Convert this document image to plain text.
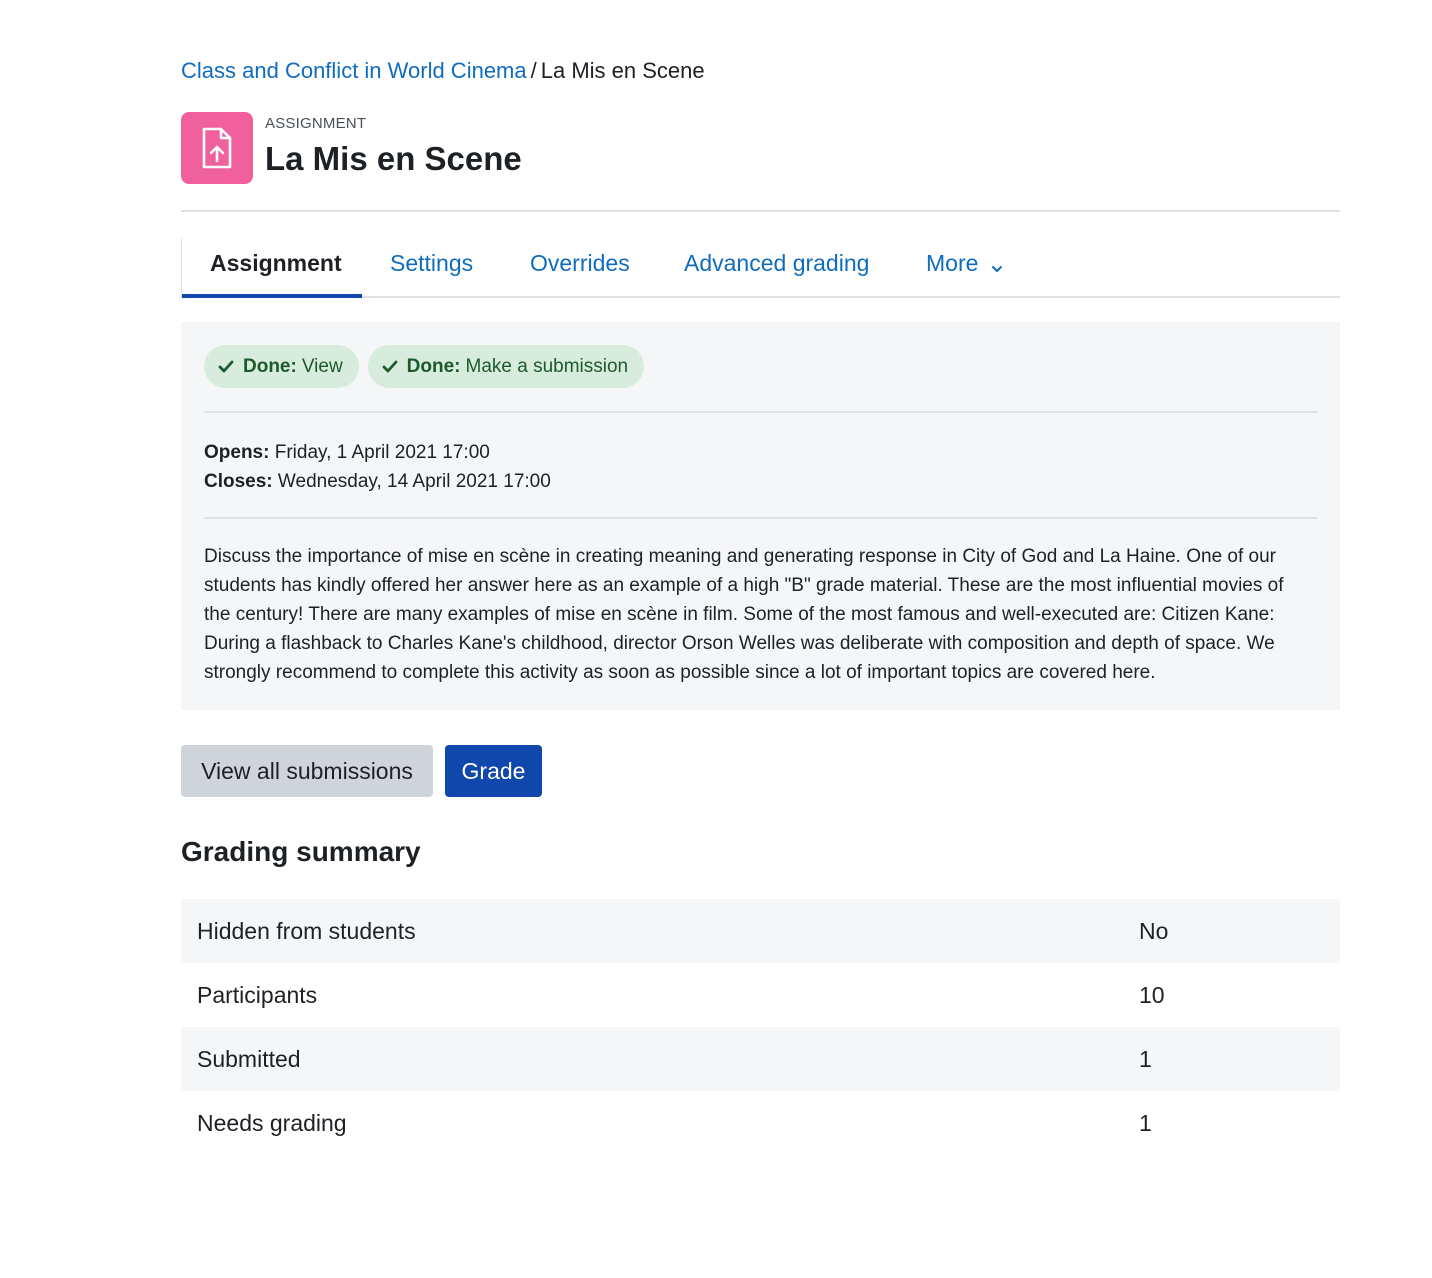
Class and Conflict in World Cinema / La Mis en Scene
ASSIGNMENT
La Mis en Scene
Assignment	Settings Overrides Advanced grading More
Done: View	Done: Make a submission
Opens: Friday, 1 April 2021 17:00
Closes: Wednesday, 14 April 2021 17:00

Discuss the importance of mise en scène in creating meaning and generating response in City of God and La Haine. One of our students has kindly offered her answer here as an example of a high "B" grade material. These are the most influential movies of the century! There are many examples of mise en scène in film. Some of the most famous and well-executed are: Citizen Kane: During a flashback to Charles Kane's childhood, director Orson Welles was deliberate with composition and depth of space. We strongly recommend to complete this activity as soon as possible since a lot of important topics are covered here.

View all submissions	Grade
Grading summary
Hidden from students	No
Participants	10
Submitted	1
Needs grading	1
